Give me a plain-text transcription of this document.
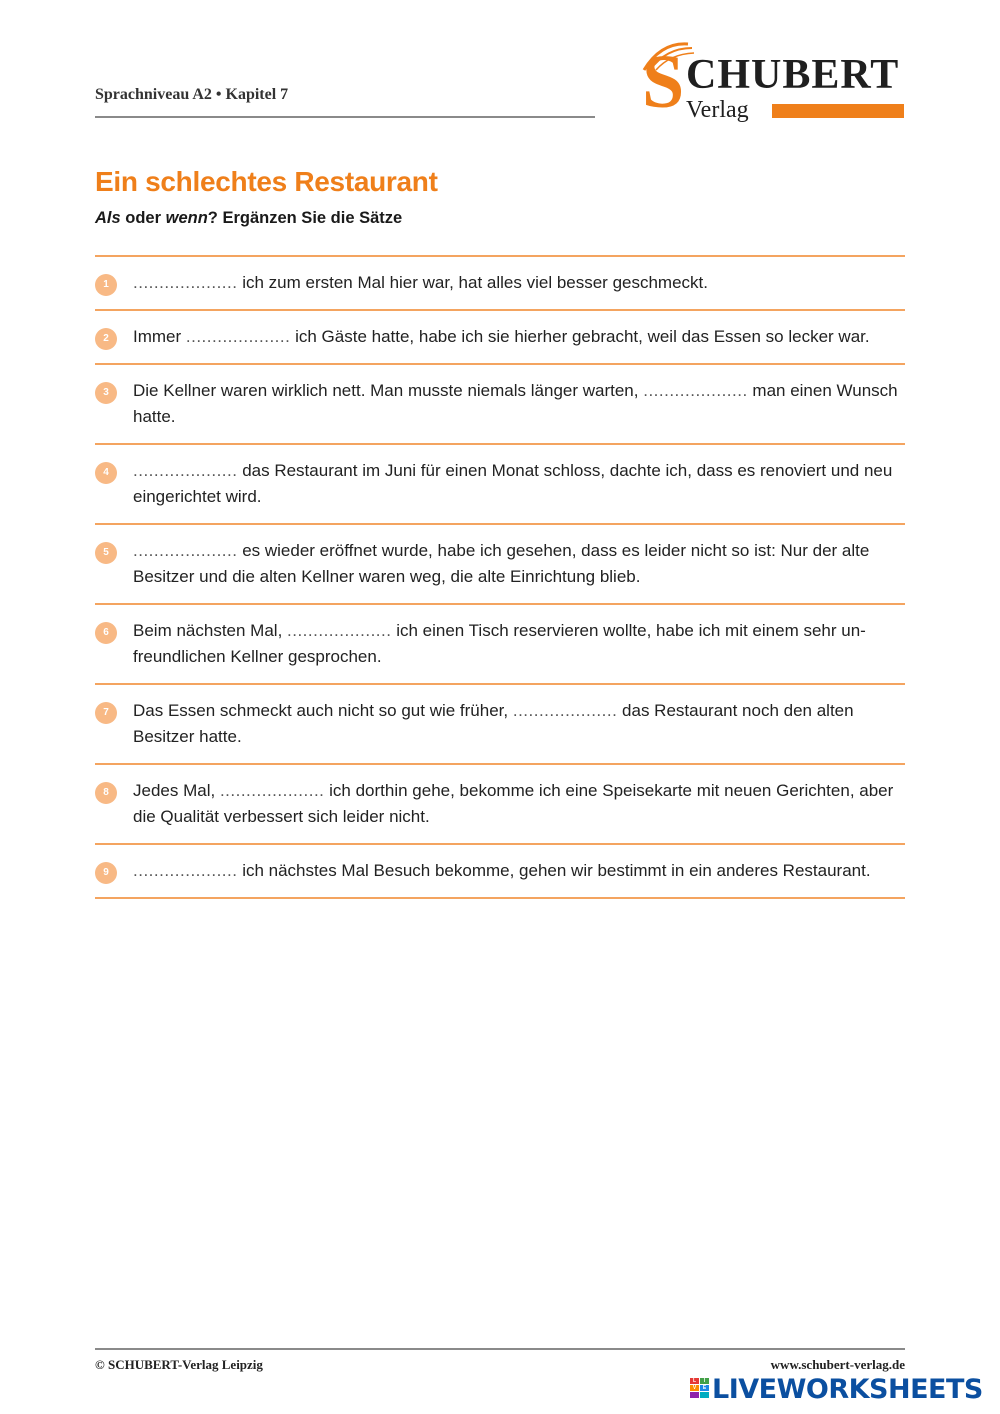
Sprachniveau A2 • Kapitel 7	S CHUBERT
Verlag
Ein schlechtes Restaurant
Als oder wenn? Ergänzen Sie die Sätze
1	.................... ich zum ersten Mal hier war, hat alles viel besser geschmeckt.
2	Immer .................... ich Gäste hatte, habe ich sie hierher gebracht, weil das Essen so lecker war.
3	Die Kellner waren wirklich nett. Man musste niemals länger warten, .................... man einen Wunsch hatte.
4	.................... das Restaurant im Juni für einen Monat schloss, dachte ich, dass es renoviert und neu eingerichtet wird.
5	.................... es wieder eröffnet wurde, habe ich gesehen, dass es leider nicht so ist: Nur der alte Besitzer und die alten Kellner waren weg, die alte Einrichtung blieb.
6	Beim nächsten Mal, .................... ich einen Tisch reservieren wollte, habe ich mit einem sehr un-freundlichen Kellner gesprochen.
7	Das Essen schmeckt auch nicht so gut wie früher, .................... das Restaurant noch den alten Besitzer hatte.
8	Jedes Mal, .................... ich dorthin gehe, bekomme ich eine Speisekarte mit neuen Gerichten, aber die Qualität verbessert sich leider nicht.
9	.................... ich nächstes Mal Besuch bekomme, gehen wir bestimmt in ein anderes Restaurant.
© SCHUBERT-Verlag Leipzig	www.schubert-verlag.de
L	I
V	E LIVEWORKSHEETS
